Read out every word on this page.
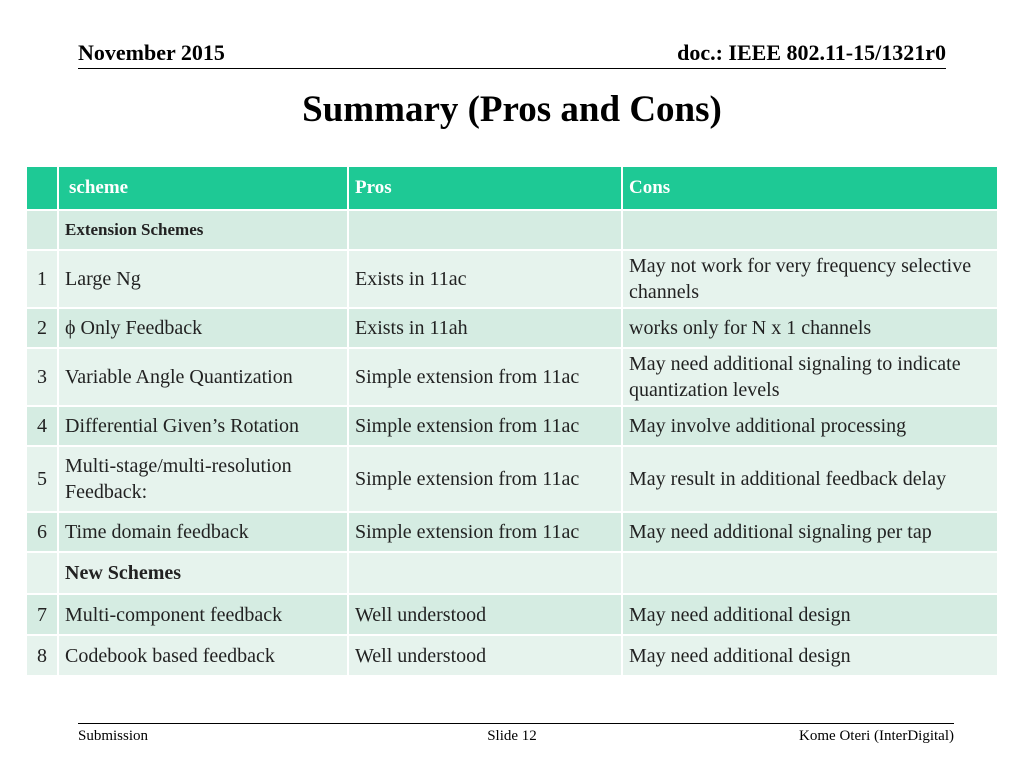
November 2015	doc.: IEEE 802.11-15/1321r0
Summary (Pros and Cons)
	scheme	Pros	Cons
	Extension Schemes		
1	Large Ng	Exists in 11ac	May not work for very frequency selective channels
2	ϕ Only Feedback	Exists in 11ah	works only for N x 1 channels
3	Variable Angle Quantization	Simple extension from 11ac	May need additional signaling to indicate quantization levels
4	Differential Given’s Rotation	Simple extension from 11ac	May involve additional processing
5	Multi-stage/multi-resolution Feedback:	Simple extension from 11ac	May result in additional feedback delay
6	Time domain feedback	Simple extension from 11ac	May need additional signaling per tap
	New Schemes		
7	Multi-component feedback	Well understood	May need additional design
8	Codebook based feedback	Well understood	May need additional design
Submission	Slide 12	Kome Oteri (InterDigital)
